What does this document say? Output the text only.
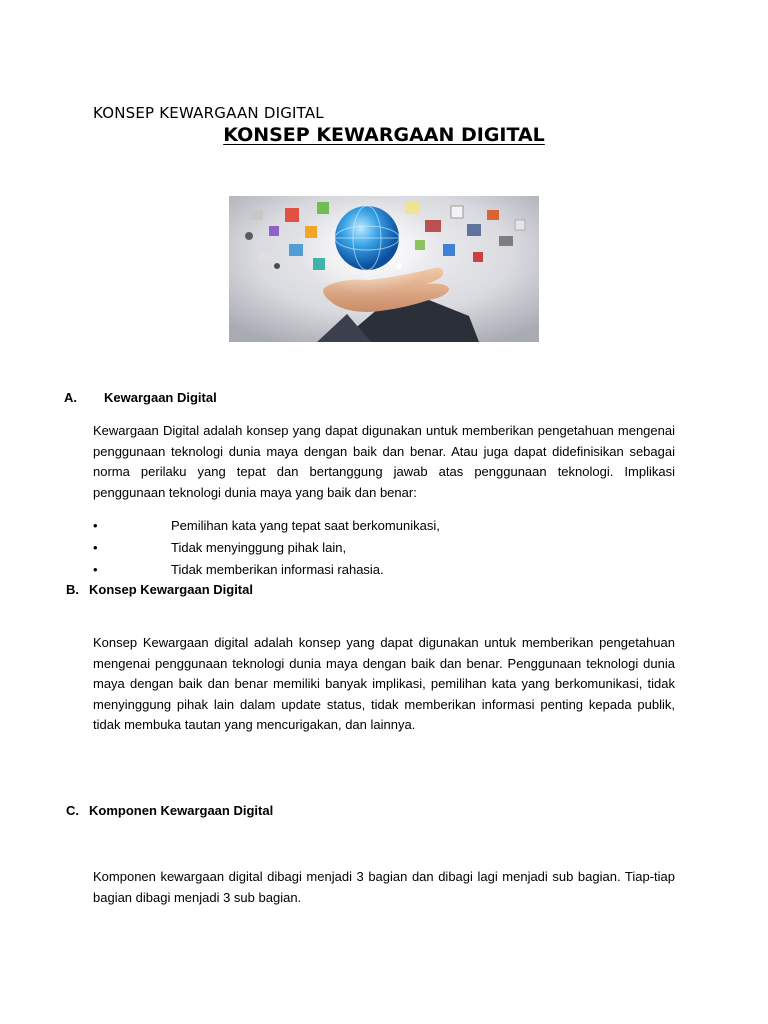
KONSEP KEWARGAAN DIGITAL
KONSEP KEWARGAAN DIGITAL
A. Kewargaan Digital
Kewargaan Digital adalah konsep yang dapat digunakan untuk memberikan pengetahuan mengenai penggunaan teknologi dunia maya dengan baik dan benar. Atau juga dapat didefinisikan sebagai norma perilaku yang tepat dan bertanggung jawab atas penggunaan teknologi. Implikasi penggunaan teknologi dunia maya yang baik dan benar:
•	Pemilihan kata yang tepat saat berkomunikasi,
•	Tidak menyinggung pihak lain,
•	Tidak memberikan informasi rahasia.
B. Konsep Kewargaan Digital
Konsep Kewargaan digital adalah konsep yang dapat digunakan untuk memberikan pengetahuan mengenai penggunaan teknologi dunia maya dengan baik dan benar. Penggunaan teknologi dunia maya dengan baik dan benar memiliki banyak implikasi, pemilihan kata yang berkomunikasi, tidak menyinggung pihak lain dalam update status, tidak memberikan informasi penting kepada publik, tidak membuka tautan yang mencurigakan, dan lainnya.
C. Komponen Kewargaan Digital
Komponen kewargaan digital dibagi menjadi 3 bagian dan dibagi lagi menjadi sub bagian. Tiap-tiap bagian dibagi menjadi 3 sub bagian.
